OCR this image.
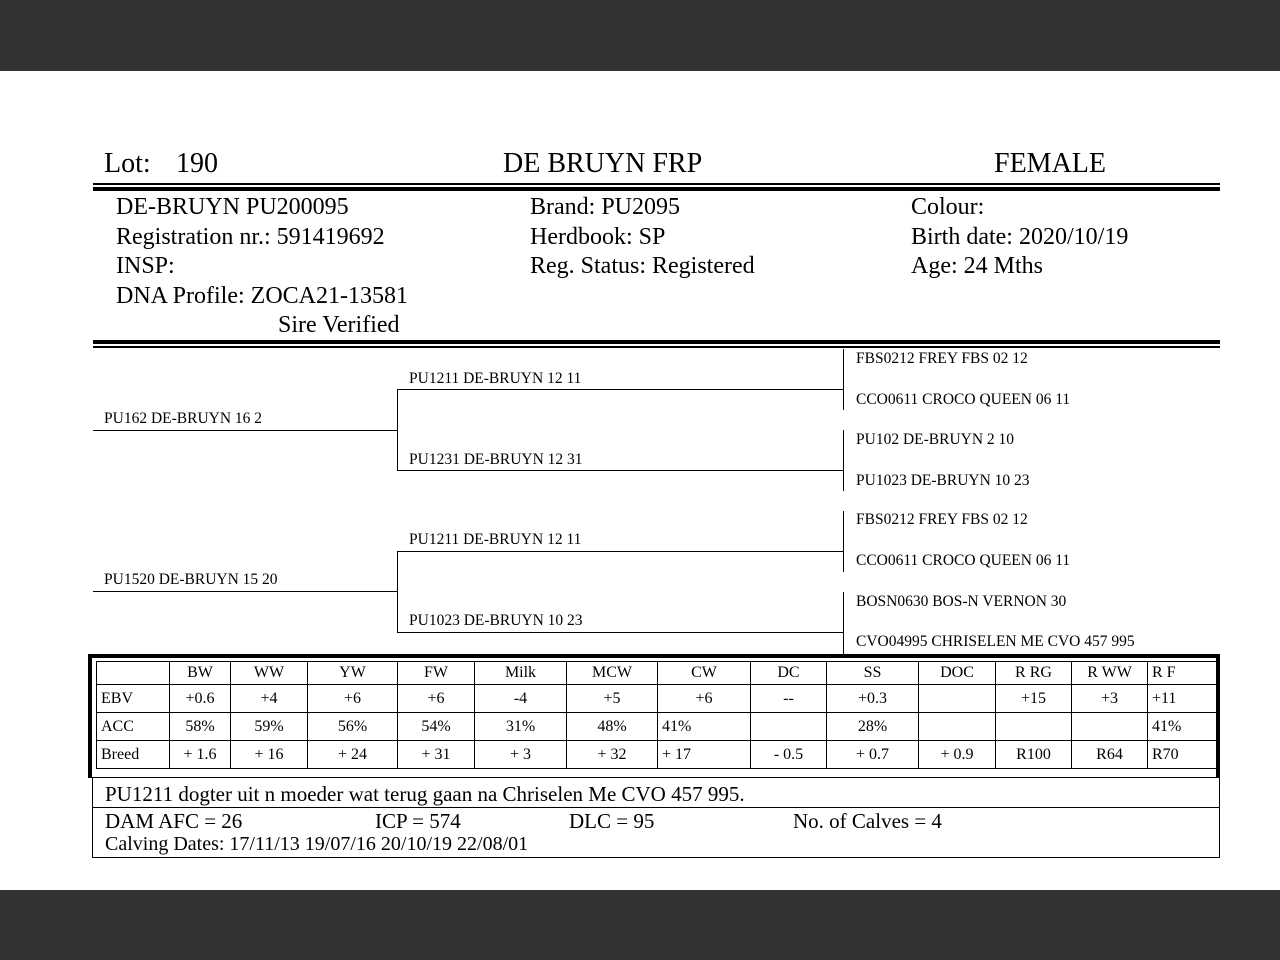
Lot: 190	DE BRUYN FRP	FEMALE
DE-BRUYN PU200095
Registration nr.: 591419692
INSP:
DNA Profile: ZOCA21-13581
Sire Verified
Brand: PU2095
Herdbook: SP
Reg. Status: Registered
Colour:
Birth date: 2020/10/19
Age: 24 Mths
FBS0212 FREY FBS 02 12
CCO0611 CROCO QUEEN 06 11
PU102 DE-BRUYN 2 10
PU1023 DE-BRUYN 10 23
FBS0212 FREY FBS 02 12
CCO0611 CROCO QUEEN 06 11
BOSN0630 BOS-N VERNON 30
CVO04995 CHRISELEN ME CVO 457 995
PU1211 DE-BRUYN 12 11
PU1231 DE-BRUYN 12 31
PU1211 DE-BRUYN 12 11
PU1023 DE-BRUYN 10 23
PU162 DE-BRUYN 16 2
PU1520 DE-BRUYN 15 20
	BW	WW	YW	FW	Milk	MCW	CW	DC	SS	DOC	R RG	R WW	R F
EBV	+0.6	+4	+6	+6	-4	+5	+6	--	+0.3		+15	+3	+11
ACC	58%	59%	56%	54%	31%	48%	41%		28%				41%
Breed	+ 1.6	+ 16	+ 24	+ 31	+ 3	+ 32	+ 17	- 0.5	+ 0.7	+ 0.9	R100	R64	R70
PU1211 dogter uit n moeder wat terug gaan na Chriselen Me CVO 457 995.
DAM AFC = 26	ICP = 574	DLC = 95	No. of Calves = 4
Calving Dates: 17/11/13 19/07/16 20/10/19 22/08/01
